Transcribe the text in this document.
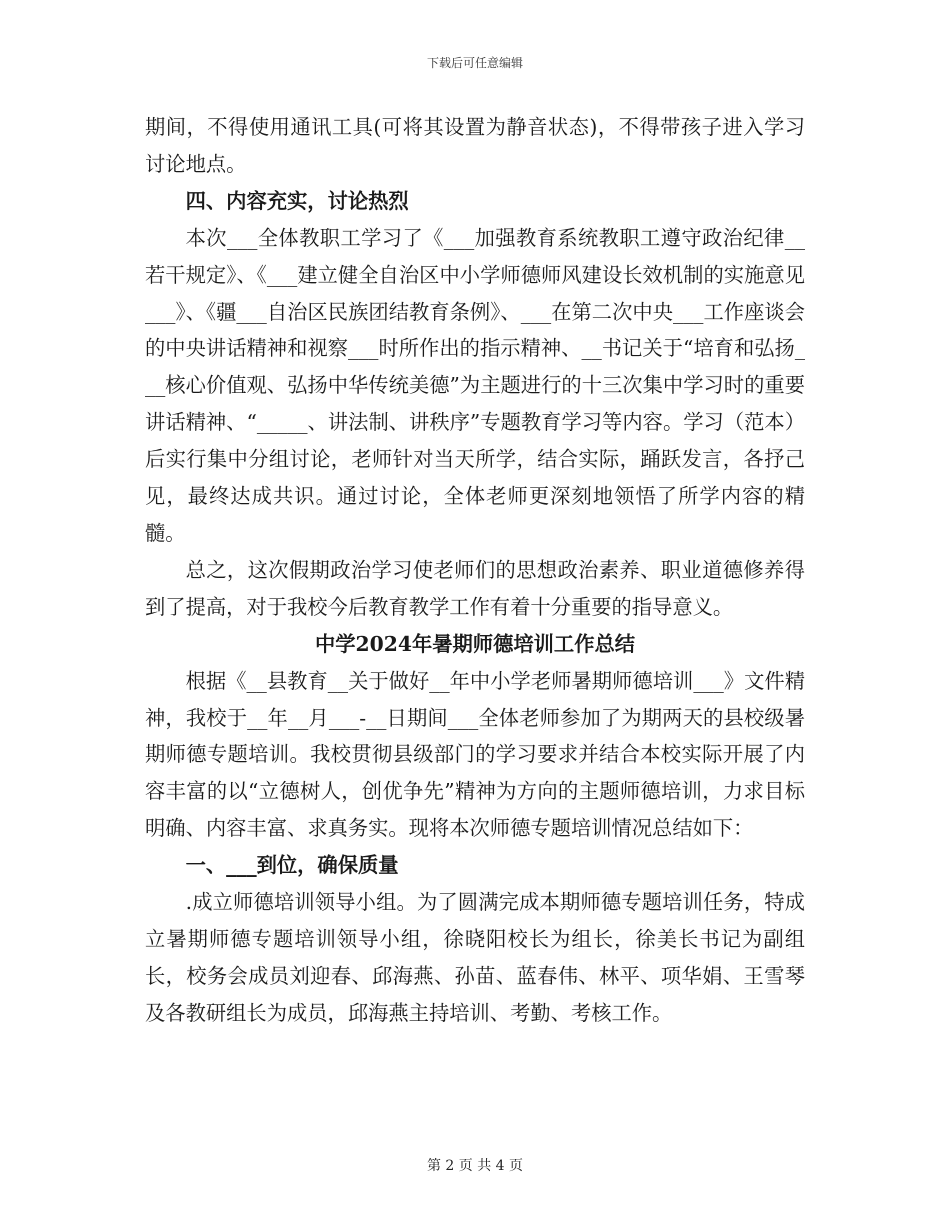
下载后可任意编辑

期间，不得使用通讯工具(可将其设置为静音状态)，不得带孩子进入学习讨论地点。

四、内容充实，讨论热烈

本次___全体教职工学习了《___加强教育系统教职工遵守政治纪律__若干规定》、《___建立健全自治区中小学师德师风建设长效机制的实施意见___》、《疆___自治区民族团结教育条例》、___在第二次中央___工作座谈会的中央讲话精神和视察___时所作出的指示精神、__书记关于“培育和弘扬___核心价值观、弘扬中华传统美德”为主题进行的十三次集中学习时的重要讲话精神、“_____、讲法制、讲秩序”专题教育学习等内容。学习（范本）后实行集中分组讨论，老师针对当天所学，结合实际，踊跃发言，各抒己见，最终达成共识。通过讨论，全体老师更深刻地领悟了所学内容的精髓。

总之，这次假期政治学习使老师们的思想政治素养、职业道德修养得到了提高，对于我校今后教育教学工作有着十分重要的指导意义。

中学2024年暑期师德培训工作总结

根据《__县教育__关于做好__年中小学老师暑期师德培训___》文件精神，我校于__年__月___-__日期间___全体老师参加了为期两天的县校级暑期师德专题培训。我校贯彻县级部门的学习要求并结合本校实际开展了内容丰富的以“立德树人，创优争先”精神为方向的主题师德培训，力求目标明确、内容丰富、求真务实。现将本次师德专题培训情况总结如下：

一、___到位，确保质量

.成立师德培训领导小组。为了圆满完成本期师德专题培训任务，特成立暑期师德专题培训领导小组，徐晓阳校长为组长，徐美长书记为副组长，校务会成员刘迎春、邱海燕、孙苗、蓝春伟、林平、项华娟、王雪琴及各教研组长为成员，邱海燕主持培训、考勤、考核工作。

第 2 页 共 4 页
